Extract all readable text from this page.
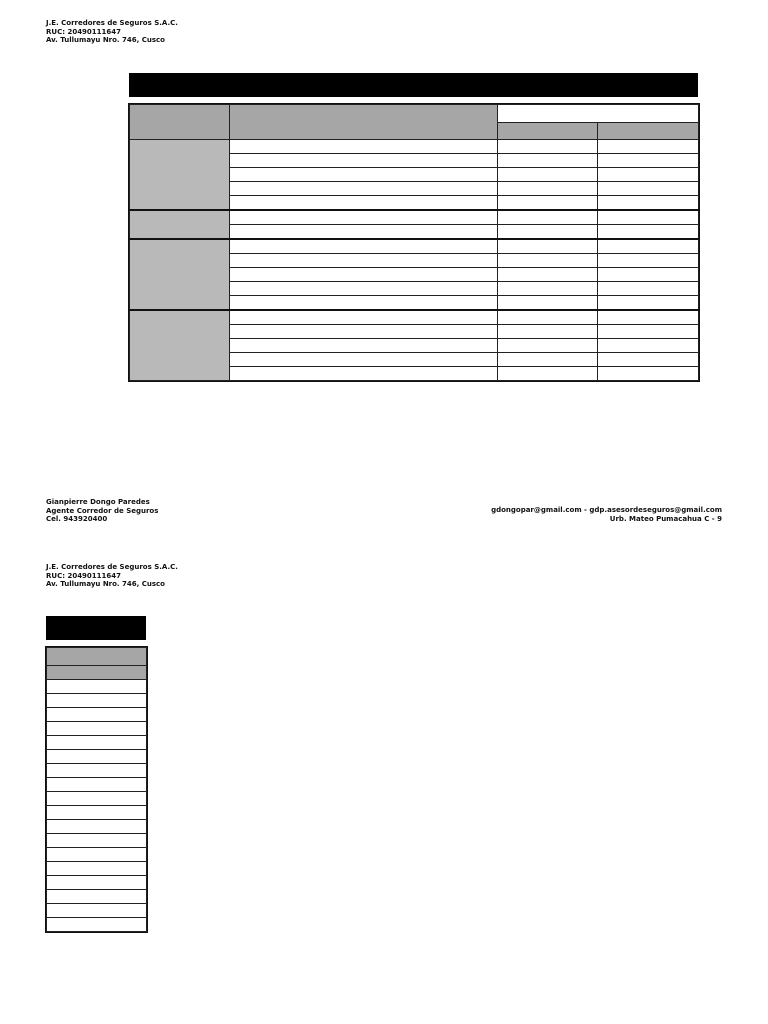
J.E. Corredores de Seguros S.A.C.
RUC: 20490111647
Av. Tullumayu Nro. 746, Cusco

Gianpierre Dongo Paredes
Agente Corredor de Seguros
Cel. 943920400
gdongopar@gmail.com - gdp.asesordeseguros@gmail.com
Urb. Mateo Pumacahua C - 9
J.E. Corredores de Seguros S.A.C.
RUC: 20490111647
Av. Tullumayu Nro. 746, Cusco
